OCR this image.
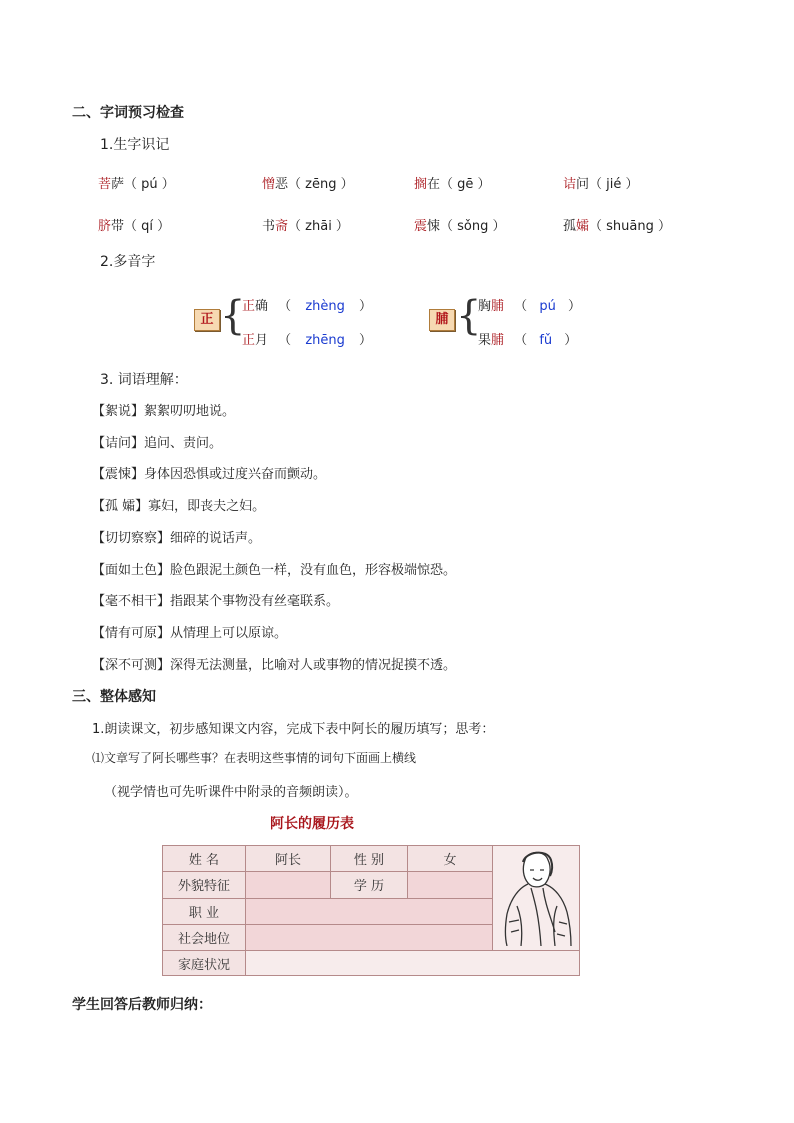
二、字词预习检查
1.生字识记
菩萨（ pú ）	憎恶（ zēng ）	搁在（ gē ）	诘问（ jié ）
脐带（ qí ）	书斋（ zhāi ）	震悚（ sǒng ）	孤孀（ shuāng ）
2.多音字
正 {
正确 （ zhèng ）
正月 （ zhēng ）
脯 {
胸脯 （ pú ）
果脯 （ fǔ ）
3. 词语理解：
【絮说】絮絮叨叨地说。
【诘问】追问、责问。
【震悚】身体因恐惧或过度兴奋而颤动。
【孤 孀】寡妇，即丧夫之妇。
【切切察察】细碎的说话声。
【面如土色】脸色跟泥土颜色一样，没有血色，形容极端惊恐。
【毫不相干】指跟某个事物没有丝毫联系。
【情有可原】从情理上可以原谅。
【深不可测】深得无法测量，比喻对人或事物的情况捉摸不透。
三、整体感知
1.朗读课文，初步感知课文内容，完成下表中阿长的履历填写；思考：
⑴文章写了阿长哪些事？在表明这些事情的词句下面画上横线
（视学情也可先听课件中附录的音频朗读）。
阿长的履历表
姓 名	阿长	性 别	女	
外貌特征		学 历		
职 业				
社会地位				
家庭状况				
学生回答后教师归纳：
